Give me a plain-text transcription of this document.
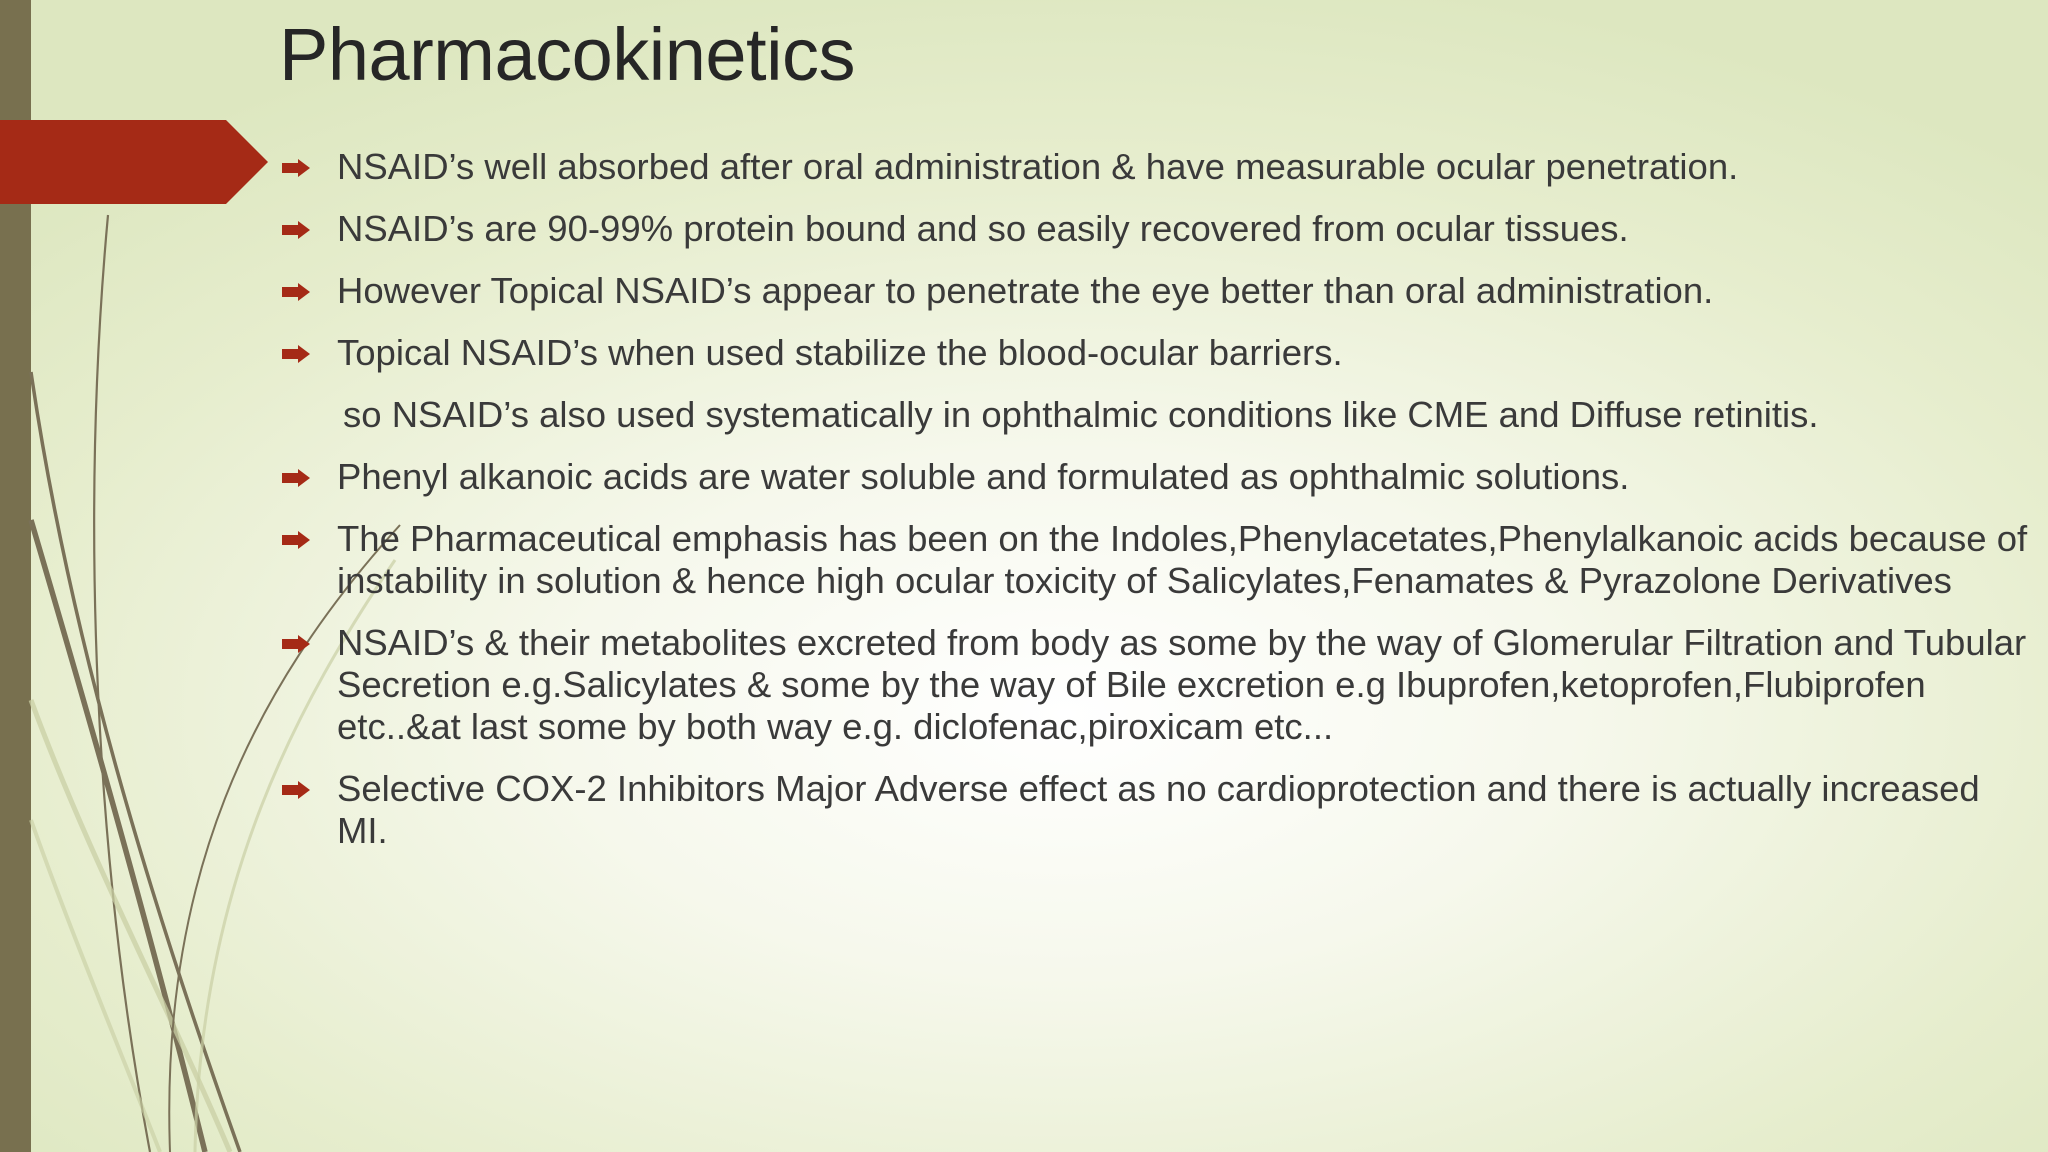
Pharmacokinetics
NSAID’s well absorbed after oral administration & have measurable ocular penetration.
NSAID’s are 90-99% protein bound and so easily recovered from ocular tissues.
However Topical NSAID’s appear to penetrate the eye better than oral administration.
Topical NSAID’s when used stabilize the blood-ocular barriers.
so NSAID’s also used systematically in ophthalmic conditions like CME and Diffuse retinitis.
Phenyl alkanoic acids are water soluble and formulated as ophthalmic solutions.
The Pharmaceutical emphasis has been on the Indoles,Phenylacetates,Phenylalkanoic acids because of instability in solution & hence high ocular toxicity of Salicylates,Fenamates & Pyrazolone Derivatives
NSAID’s & their metabolites excreted from body as some by the way of Glomerular Filtration and Tubular Secretion e.g.Salicylates & some by the way of Bile excretion e.g Ibuprofen,ketoprofen,Flubiprofen etc..&at last some by both way e.g. diclofenac,piroxicam etc...
Selective COX-2 Inhibitors Major Adverse effect as no cardioprotection and there is actually increased MI.
